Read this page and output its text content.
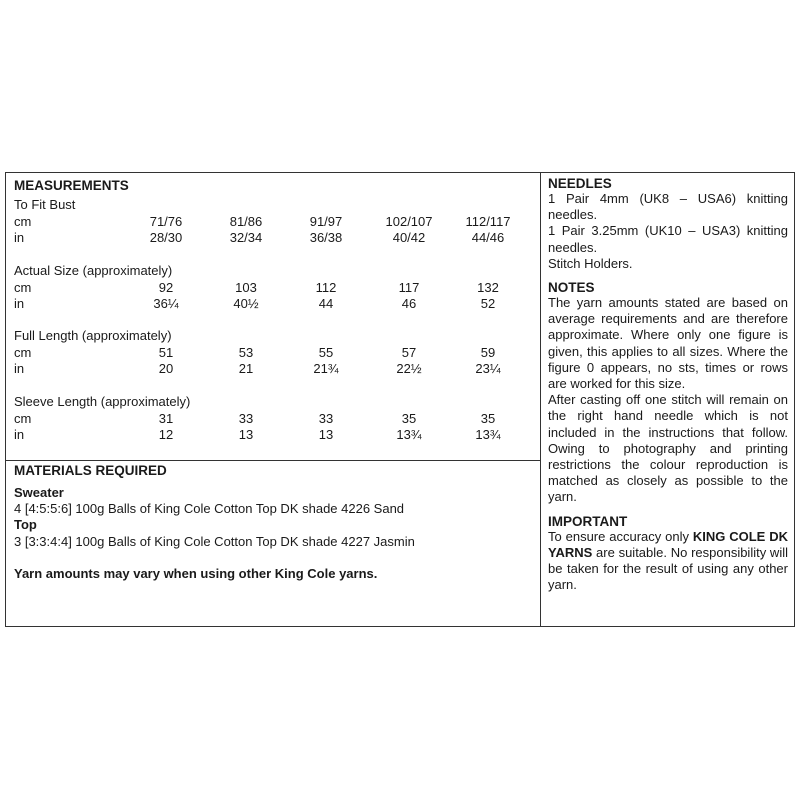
MEASUREMENTS
To Fit Bust
cm	71/76	81/86	91/97	102/107	112/117
in	28/30	32/34	36/38	40/42	44/46
Actual Size (approximately)
cm	92	103	112	117	132
in	36¼	40½	44	46	52
Full Length (approximately)
cm	51	53	55	57	59
in	20	21	21¾	22½	23¼
Sleeve Length (approximately)
cm	31	33	33	35	35
in	12	13	13	13¾	13¾
MATERIALS REQUIRED
Sweater
4 [4:5:5:6] 100g Balls of King Cole Cotton Top DK shade 4226 Sand
Top
3 [3:3:4:4] 100g Balls of King Cole Cotton Top DK shade 4227 Jasmin
Yarn amounts may vary when using other King Cole yarns.
NEEDLES
1 Pair 4mm (UK8 – USA6) knitting needles.
1 Pair 3.25mm (UK10 – USA3) knitting needles.
Stitch Holders.
NOTES
The yarn amounts stated are based on average requirements and are therefore approximate. Where only one figure is given, this applies to all sizes. Where the figure 0 appears, no sts, times or rows are worked for this size.
After casting off one stitch will remain on the right hand needle which is not included in the instructions that follow. Owing to photography and printing restrictions the colour reproduction is matched as closely as possible to the yarn.
IMPORTANT
To ensure accuracy only KING COLE DK YARNS are suitable. No responsibility will be taken for the result of using any other yarn.
